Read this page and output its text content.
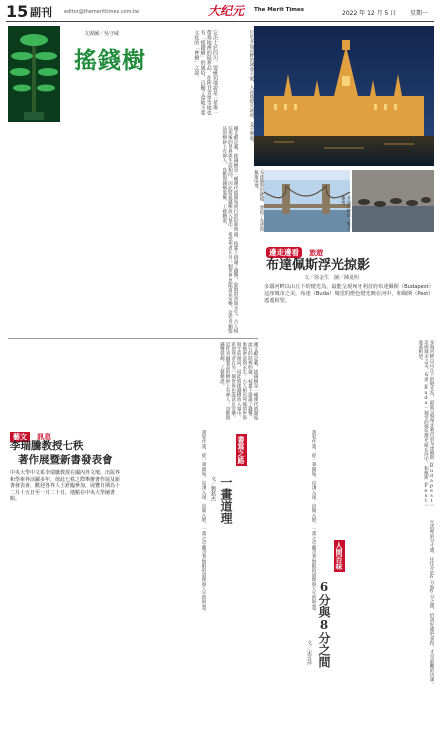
15 副刊 editor@themerittimes.com.tw	大纪元 The Merit Times	2022 年 12 月 5 日 星期一
文與圖／吳守威
搖錢樹	它出土於四川，要確切地說是三星堆一帶墓地裡的陪葬品，在陝甘青寧等地也有「搖錢樹」的風俗，自顯了當地主要文化的「神樹」之說。
據文獻記載，搖錢樹是一種漢代就開始流行的陪葬明器，枝葉上掛滿了錢幣，象徵財富與永生。古人相信死後的世界與生前相同，因此將搖錢樹放入墓中，希望死者在另一個世界也能富足安樂。這件青銅製品的樹幹上有神人、鳥獸與錢幣裝飾，工藝精湛。
位於多瑙河畔的國會大廈，入夜後燈火通明，美不勝收。
布達佩斯的鏈橋，連結了布達與佩斯兩地。
多瑙河畔的「鞋子」雕塑。
邊走邊看 旅遊
布達佩斯浮光掠影
文／徐金生　圖／陳夏明
多瑙河畔以山丘下的燈光為，最能呈現匈牙利首府布達佩斯（Budapest）這座城市之美。布達（Buda）城堂的燈色燈光映在河中，和佩斯（Pest）遙遙相望。
多瑙河畔以山丘下的燈光為，最能呈現匈牙利首府布達佩斯（Budapest）這座城市之美。布達（Buda）城堂的燈色燈光映在河中，和佩斯（Pest）遙遙相望。
據文獻記載，搖錢樹是一種漢代就開始流行的陪葬明器，枝葉上掛滿了錢幣，象徵財富與永生。古人相信死後的世界與生前相同，因此將搖錢樹放入墓中，希望死者在另一個世界也能富足安樂。這件青銅製品的樹幹上有神人、鳥獸與錢幣裝飾，工藝精湛。
藝文 訊息
李瑞騰教授七秩
著作展暨新書發表會
中央大學中文系李瑞騰教授在國內外文壇、出版界和學術界活躍多年，值此七秩之際舉辦著作展及新書發表會，歡迎各界人士蒞臨參加。展覽日期為十二月十五日至一月二十日，地點在中央大學圖書館。
書寫之路
一畫道理
文／劉銘杰
畫家作畫，從一筆開始，由淺入深，由簡入繁，一畫之中蘊含著無限的道理與人生的智慧。	畫家作畫，從一筆開始，由淺入深，由簡入繁，一畫之中蘊含著無限的道理與人生的智慧。	人間百味
6分與8分之間
文／宋芳萍	生活裡的分寸感，往往介於6分與8分之間，恰到好處的拿捏，才是最難的功課。
